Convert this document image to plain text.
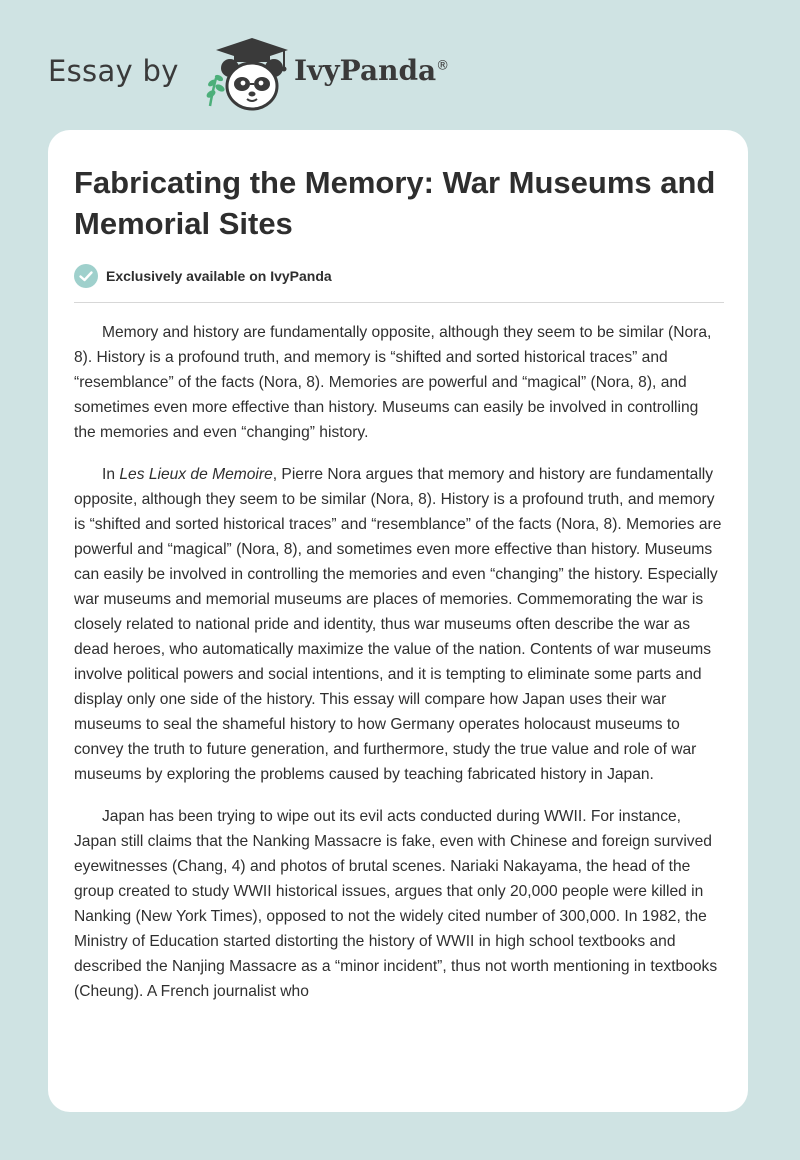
Essay by	IvyPanda®
Fabricating the Memory: War Museums and Memorial Sites
Exclusively available on IvyPanda

Memory and history are fundamentally opposite, although they seem to be similar (Nora, 8). History is a profound truth, and memory is “shifted and sorted historical traces” and “resemblance” of the facts (Nora, 8). Memories are powerful and “magical” (Nora, 8), and sometimes even more effective than history. Museums can easily be involved in controlling the memories and even “changing” history.

In Les Lieux de Memoire, Pierre Nora argues that memory and history are fundamentally opposite, although they seem to be similar (Nora, 8). History is a profound truth, and memory is “shifted and sorted historical traces” and “resemblance” of the facts (Nora, 8). Memories are powerful and “magical” (Nora, 8), and sometimes even more effective than history. Museums can easily be involved in controlling the memories and even “changing” the history. Especially war museums and memorial museums are places of memories. Commemorating the war is closely related to national pride and identity, thus war museums often describe the war as dead heroes, who automatically maximize the value of the nation. Contents of war museums involve political powers and social intentions, and it is tempting to eliminate some parts and display only one side of the history. This essay will compare how Japan uses their war museums to seal the shameful history to how Germany operates holocaust museums to convey the truth to future generation, and furthermore, study the true value and role of war museums by exploring the problems caused by teaching fabricated history in Japan.

Japan has been trying to wipe out its evil acts conducted during WWII. For instance, Japan still claims that the Nanking Massacre is fake, even with Chinese and foreign survived eyewitnesses (Chang, 4) and photos of brutal scenes. Nariaki Nakayama, the head of the group created to study WWII historical issues, argues that only 20,000 people were killed in Nanking (New York Times), opposed to not the widely cited number of 300,000. In 1982, the Ministry of Education started distorting the history of WWII in high school textbooks and described the Nanjing Massacre as a “minor incident”, thus not worth mentioning in textbooks (Cheung). A French journalist who
